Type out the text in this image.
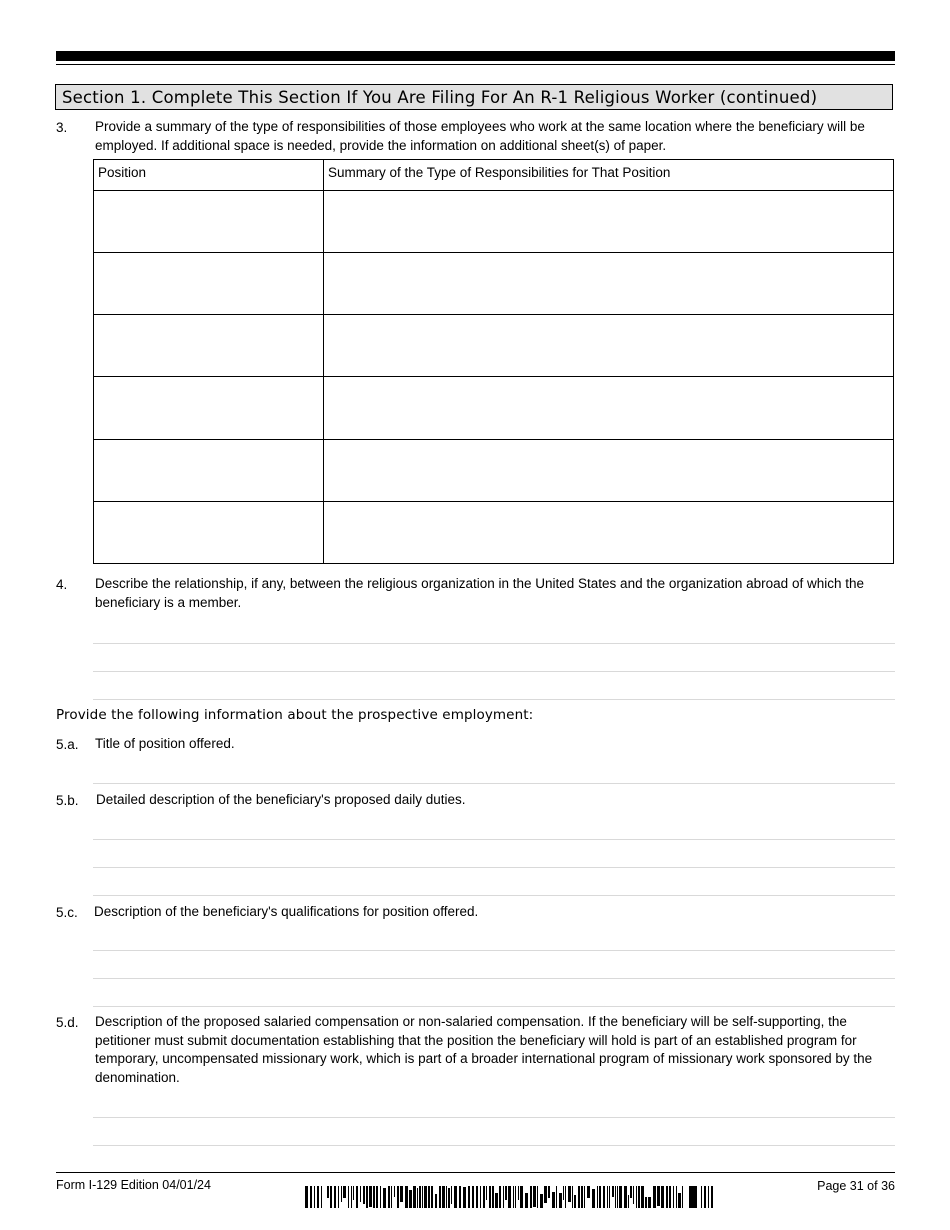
Section 1. Complete This Section If You Are Filing For An R-1 Religious Worker (continued)
3. Provide a summary of the type of responsibilities of those employees who work at the same location where the beneficiary will be employed. If additional space is needed, provide the information on additional sheet(s) of paper.
Position	Summary of the Type of Responsibilities for That Position

4. Describe the relationship, if any, between the religious organization in the United States and the organization abroad of which the beneficiary is a member.
Provide the following information about the prospective employment:
5.a. Title of position offered.
5.b. Detailed description of the beneficiary's proposed daily duties.
5.c. Description of the beneficiary's qualifications for position offered.
5.d. Description of the proposed salaried compensation or non-salaried compensation. If the beneficiary will be self-supporting, the petitioner must submit documentation establishing that the position the beneficiary will hold is part of an established program for temporary, uncompensated missionary work, which is part of a broader international program of missionary work sponsored by the denomination.
Form I-129 Edition 04/01/24	Page 31 of 36
